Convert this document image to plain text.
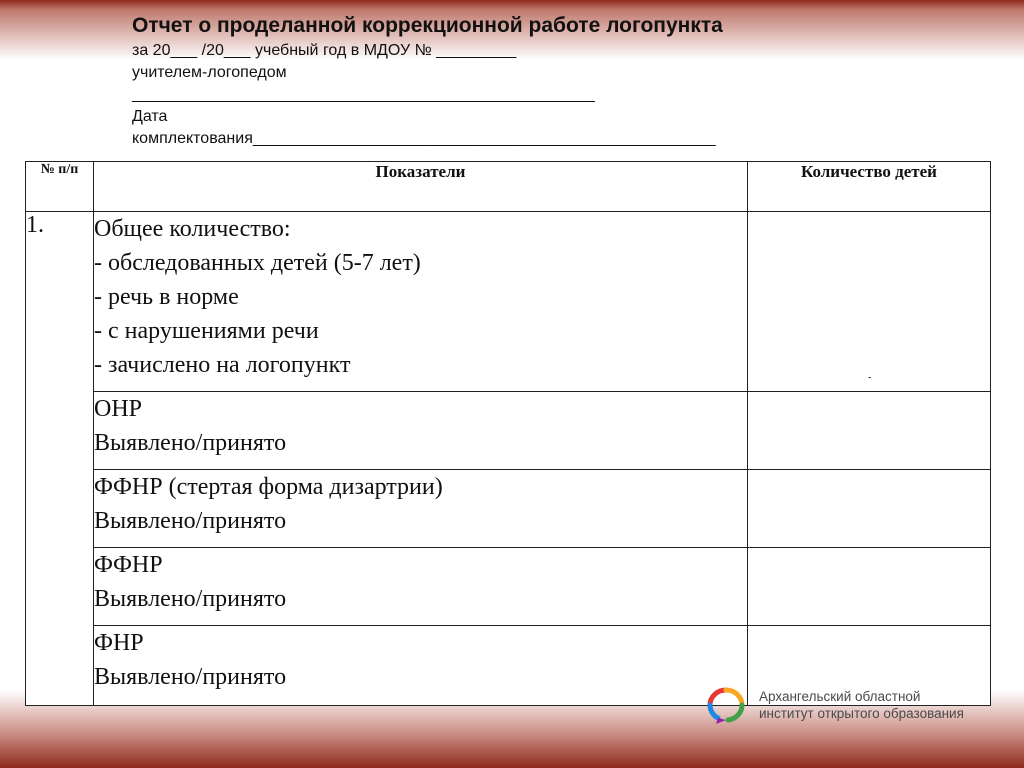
Отчет о проделанной коррекционной работе логопункта

за 20___ /20___ учебный год в МДОУ № _________

учителем-логопедом

____________________________________________________

Дата

комплектования____________________________________________________

№ п/п	Показатели	Количество детей
1.	Общее количество:
- обследованных детей (5-7 лет)
- речь в норме
- с нарушениями речи
- зачислено на логопункт	-

	ОНР
Выявлено/принято	

	ФФНР (стертая форма дизартрии)
Выявлено/принято	

	ФФНР
Выявлено/принято	

	ФНР
Выявлено/принято	

Архангельский областной
институт открытого образования
